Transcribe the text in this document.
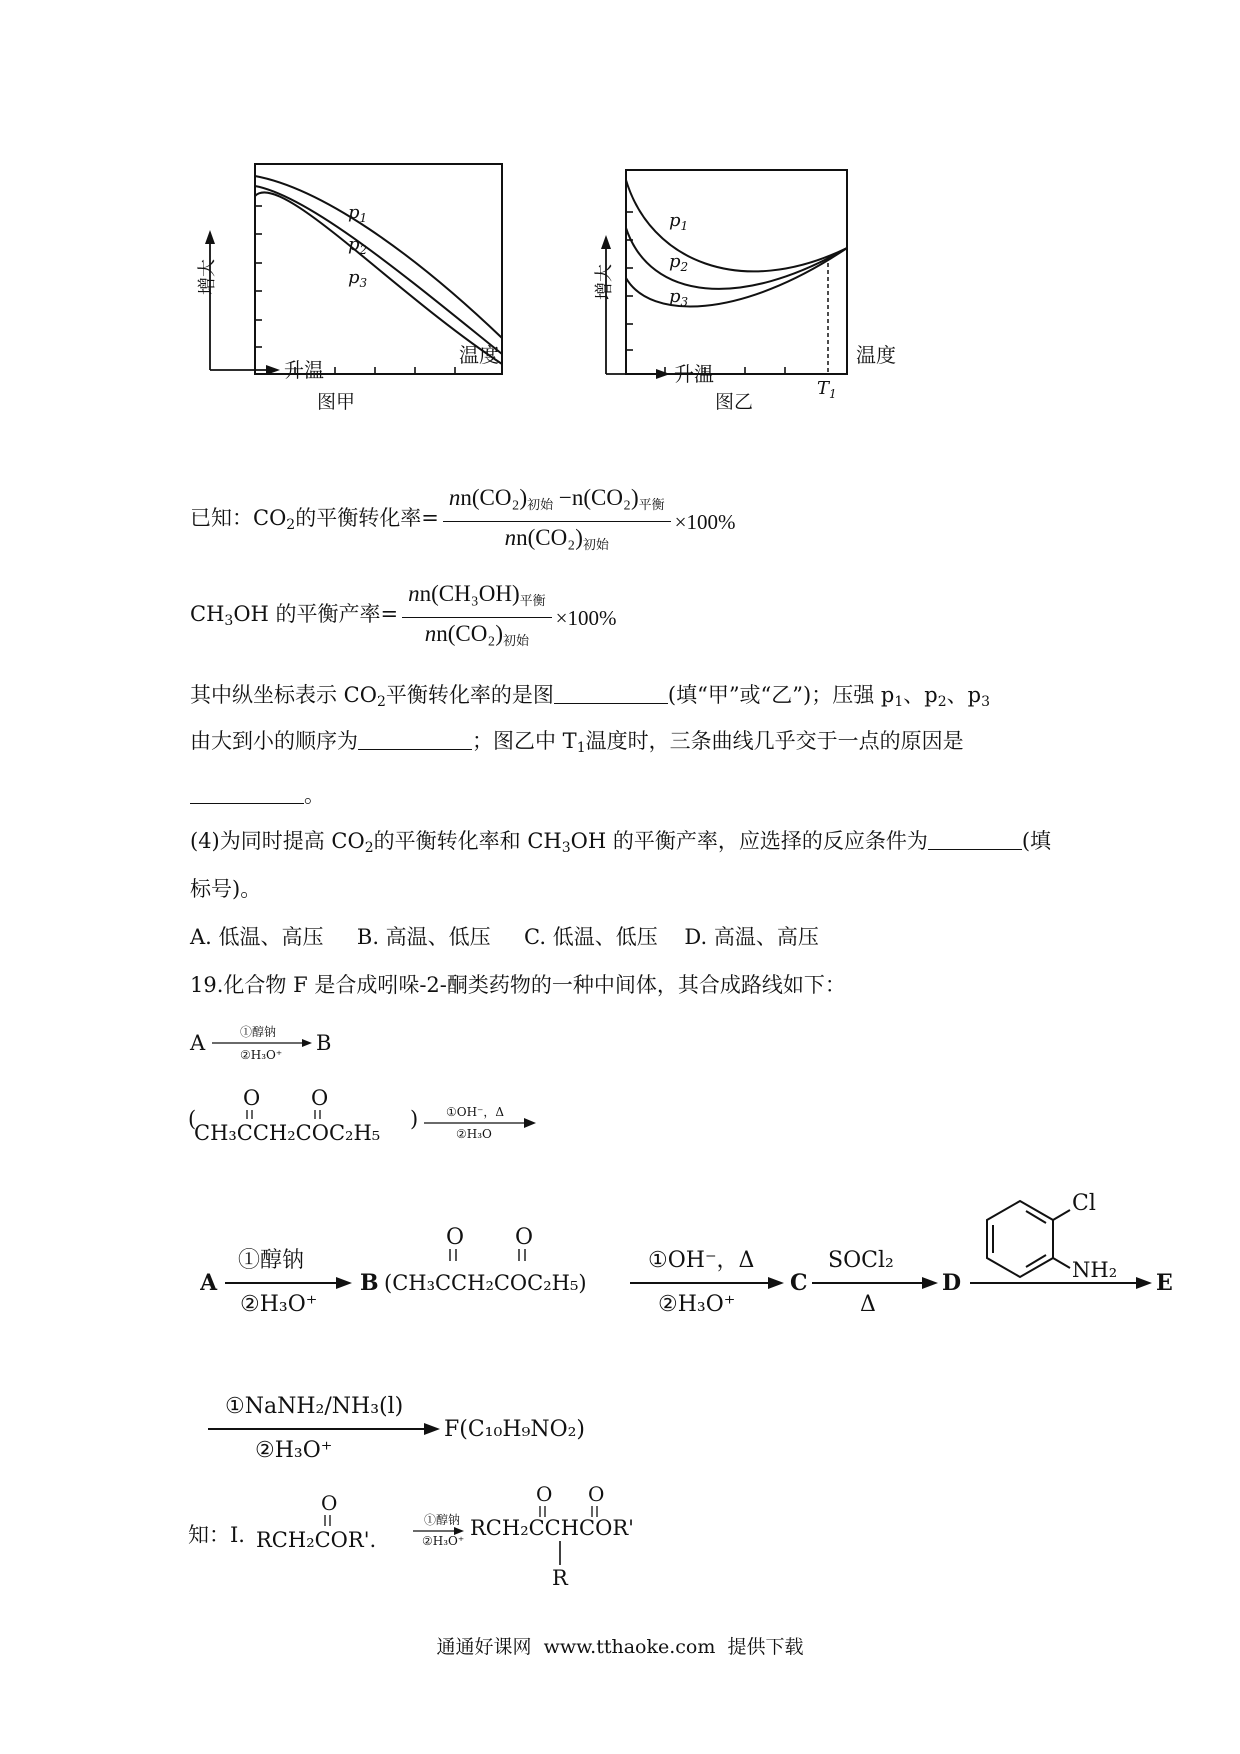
$p_1$
$p_2$
$p_3$
增大
升温
温度
图甲
$p_1$
$p_2$
$p_3$
增大
升温
$T_1$
温度
图乙
已知：$CO_2$的平衡转化率= $\frac{nn(CO_2)_{初始} -n(CO_2)_{平衡}}{nn(CO_2)_{初始}} \times 100\%$
$CH_3OH$ 的平衡产率= $\frac{nn(CH_3OH)_{平衡}}{nn(CO_2)_{初始}} \times 100\%$
其中纵坐标表示 $CO_2$平衡转化率的是图	(填“甲”或“乙”)；压强 $p_1$、$p_2$、$p_3$
由大到小的顺序为	；图乙中 $T_1$温度时，三条曲线几乎交于一点的原因是
。
(4)为同时提高 $CO_2$的平衡转化率和 $CH_3OH$ 的平衡产率，应选择的反应条件为	(填
标号)。
A. 低温、高压     B. 高温、低压     C. 低温、低压    D. 高温、高压
19.化合物 F 是合成吲哚-2-酮类药物的一种中间体，其合成路线如下：
A	①醇钠
②H₃O⁺ B
(
O O
CH₃CCH₂COC₂H₅
) ①OH⁻，Δ
②H₃O
A
①醇钠
②H₃O⁺
B
O O
(CH₃CCH₂COC₂H₅)
①OH⁻，Δ
②H₃O⁺
C
SOCl₂
Δ
D
Cl
NH₂ E
①NaNH₂/NH₃(l)
②H₃O⁺
F(C₁₀H₉NO₂)
知：I.
O
RCH₂COR'.
①醇钠
②H₃O⁺
O O
RCH₂CCHCOR'
R
通通好课网  www.tthaoke.com  提供下载
